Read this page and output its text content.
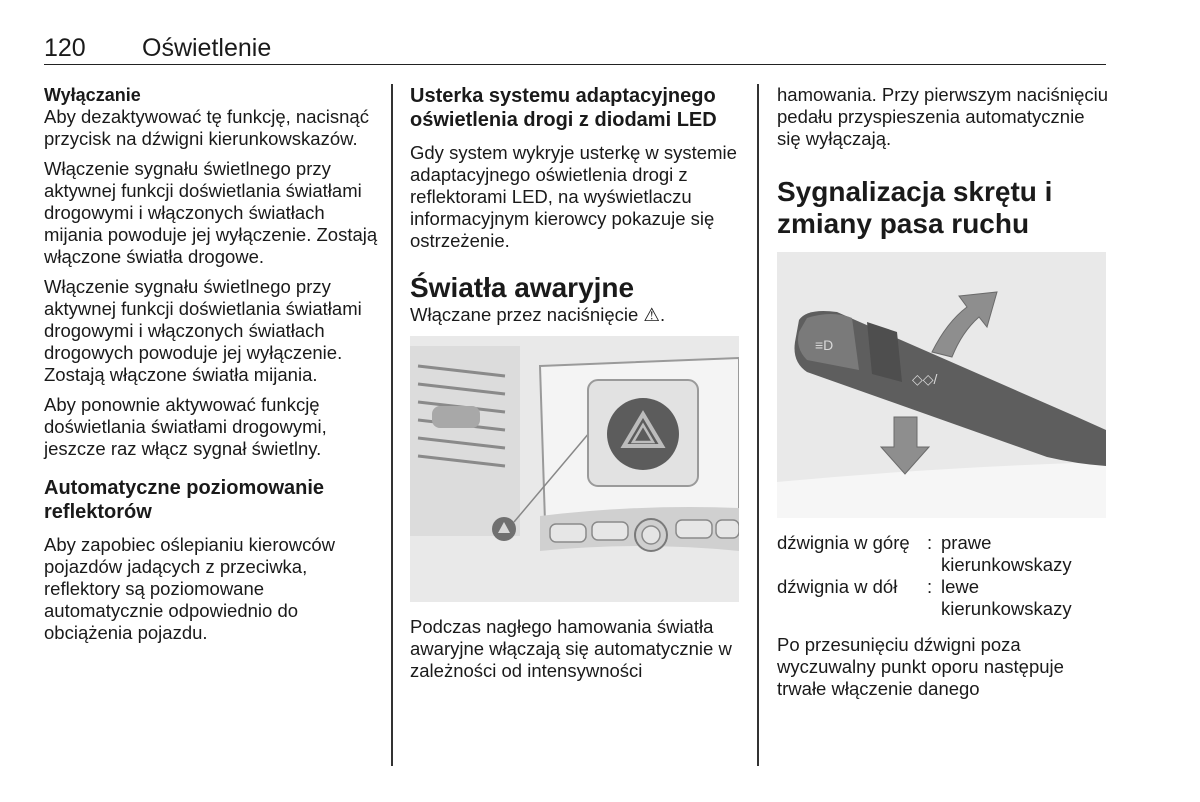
120 Oświetlenie
Wyłączanie

Aby dezaktywować tę funkcję, nacisnąć przycisk na dźwigni kierunkowskazów.

Włączenie sygnału świetlnego przy aktywnej funkcji doświetlania światłami drogowymi i włączonych światłach mijania powoduje jej wyłączenie. Zostają włączone światła drogowe.

Włączenie sygnału świetlnego przy aktywnej funkcji doświetlania światłami drogowymi i włączonych światłach drogowych powoduje jej wyłączenie. Zostają włączone światła mijania.

Aby ponownie aktywować funkcję doświetlania światłami drogowymi, jeszcze raz włącz sygnał świetlny.

Automatyczne poziomowanie reflektorów

Aby zapobiec oślepianiu kierowców pojazdów jadących z przeciwka, reflektory są poziomowane automatycznie odpowiednio do obciążenia pojazdu.

Usterka systemu adaptacyjnego oświetlenia drogi z diodami LED

Gdy system wykryje usterkę w systemie adaptacyjnego oświetlenia drogi z reflektorami LED, na wyświetlaczu informacyjnym kierowcy pokazuje się ostrzeżenie.

Światła awaryjne

Włączane przez naciśnięcie ⚠.

Podczas nagłego hamowania światła awaryjne włączają się automatycznie w zależności od intensywności

hamowania. Przy pierwszym naciśnięciu pedału przyspieszenia automatycznie się wyłączają.

Sygnalizacja skrętu i zmiany pasa ruchu
≡D
◇◇/
dźwignia w górę : prawe kierunkowskazy
dźwignia w dół	: lewe kierunkowskazy

Po przesunięciu dźwigni poza wyczuwalny punkt oporu następuje trwałe włączenie danego
